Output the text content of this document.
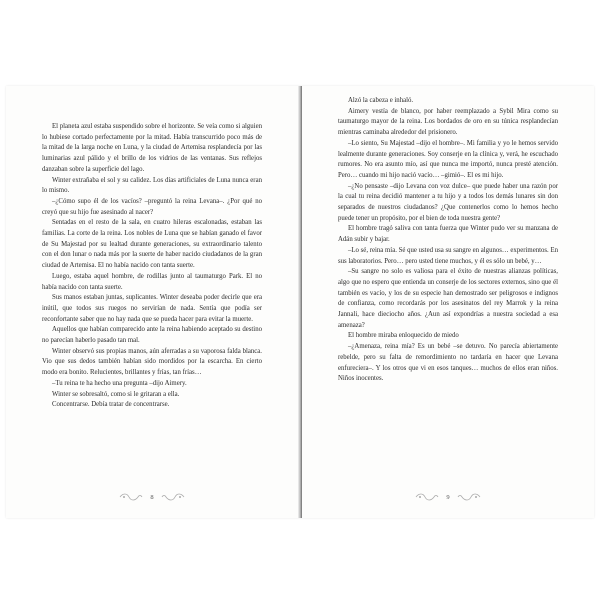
El planeta azul estaba suspendido sobre el horizonte. Se veía como si alguien lo hubiese cortado perfectamente por la mitad. Había transcurrido poco más de la mitad de la larga noche en Luna, y la ciudad de Artemisa resplandecía por las luminarias azul pálido y el brillo de los vidrios de las ventanas. Sus reflejos danzaban sobre la superficie del lago.

Winter extrañaba el sol y su calidez. Los días artificiales de Luna nunca eran lo mismo.

–¿Cómo supo él de los vacíos? –preguntó la reina Levana–. ¿Por qué no creyó que su hijo fue asesinado al nacer?

Sentadas en el resto de la sala, en cuatro hileras escalonadas, estaban las familias. La corte de la reina. Los nobles de Luna que se habían ganado el favor de Su Majestad por su lealtad durante generaciones, su extraordinario talento con el don lunar o nada más por la suerte de haber nacido ciudadanos de la gran ciudad de Artemisa. El no había nacido con tanta suerte.

Luego, estaba aquel hombre, de rodillas junto al taumaturgo Park. El no había nacido con tanta suerte.

Sus manos estaban juntas, suplicantes. Winter deseaba poder decirle que era inútil, que todos sus ruegos no servirían de nada. Sentía que podía ser reconfortante saber que no hay nada que se pueda hacer para evitar la muerte.

Aquellos que habían comparecido ante la reina habiendo aceptado su destino no parecían haberlo pasado tan mal.

Winter observó sus propias manos, aún aferradas a su vaporosa falda blanca. Vio que sus dedos también habían sido mordidos por la escarcha. En cierto modo era bonito. Relucientes, brillantes y frías, tan frías…

–Tu reina te ha hecho una pregunta –dijo Aimery.

Winter se sobresaltó, como si le gritaran a ella.

Concentrarse. Debía tratar de concentrarse.

8

Alzó la cabeza e inhaló.

Aimery vestía de blanco, por haber reemplazado a Sybil Mira como su taumaturgo mayor de la reina. Los bordados de oro en su túnica resplandecían mientras caminaba alrededor del prisionero.

–Lo siento, Su Majestad –dijo el hombre–. Mi familia y yo le hemos servido lealmente durante generaciones. Soy conserje en la clínica y, verá, he escuchado rumores. No era asunto mío, así que nunca me importó, nunca presté atención. Pero… cuando mi hijo nació vacío… –gimió–. El es mi hijo.

–¿No pensaste –dijo Levana con voz dulce– que puede haber una razón por la cual tu reina decidió mantener a tu hijo y a todos los demás lunares sin don separados de nuestros ciudadanos? ¿Que contenerlos como lo hemos hecho puede tener un propósito, por el bien de toda nuestra gente?

El hombre tragó saliva con tanta fuerza que Winter pudo ver su manzana de Adán subir y bajar.

–Lo sé, reina mía. Sé que usted usa su sangre en algunos… experimentos. En sus laboratorios. Pero… pero usted tiene muchos, y él es sólo un bebé, y…

–Su sangre no solo es valiosa para el éxito de nuestras alianzas políticas, algo que no espero que entienda un conserje de los sectores externos, sino que él también es vacío, y los de su especie han demostrado ser peligrosos e indignos de confianza, como recordarás por los asesinatos del rey Marrok y la reina Jannali, hace dieciocho años. ¿Aun así expondrías a nuestra sociedad a esa amenaza?

El hombre miraba enloquecido de miedo

–¿Amenaza, reina mía? Es un bebé –se detuvo. No parecía abiertamente rebelde, pero su falta de remordimiento no tardaría en hacer que Levana enfureciera–. Y los otros que vi en esos tanques… muchos de ellos eran niños. Niños inocentes.

9
